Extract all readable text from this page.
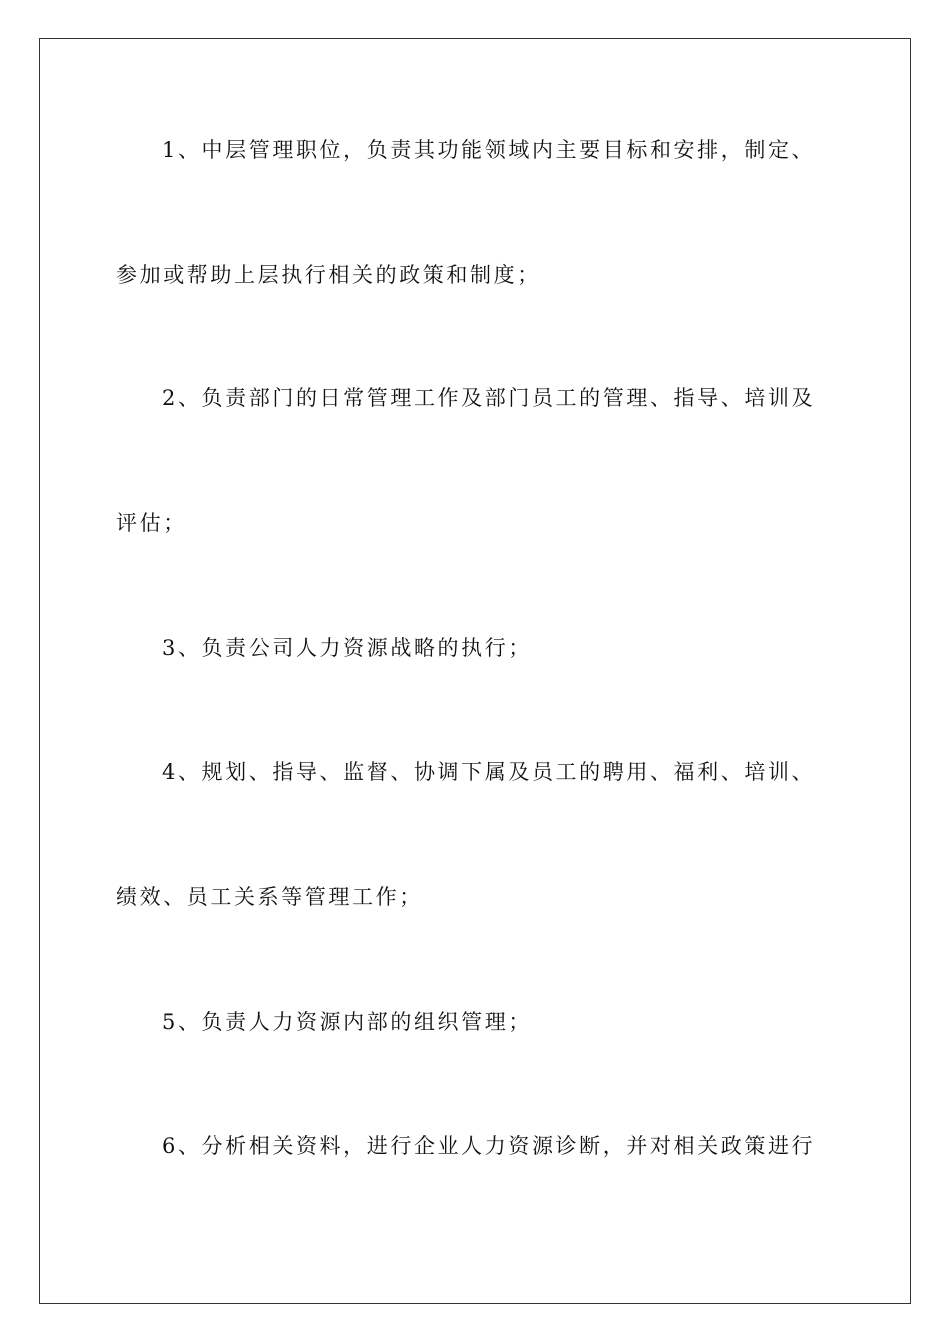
1、中层管理职位，负责其功能领域内主要目标和安排，制定、
参加或帮助上层执行相关的政策和制度；
2、负责部门的日常管理工作及部门员工的管理、指导、培训及
评估；
3、负责公司人力资源战略的执行；
4、规划、指导、监督、协调下属及员工的聘用、福利、培训、
绩效、员工关系等管理工作；
5、负责人力资源内部的组织管理；
6、分析相关资料，进行企业人力资源诊断，并对相关政策进行
